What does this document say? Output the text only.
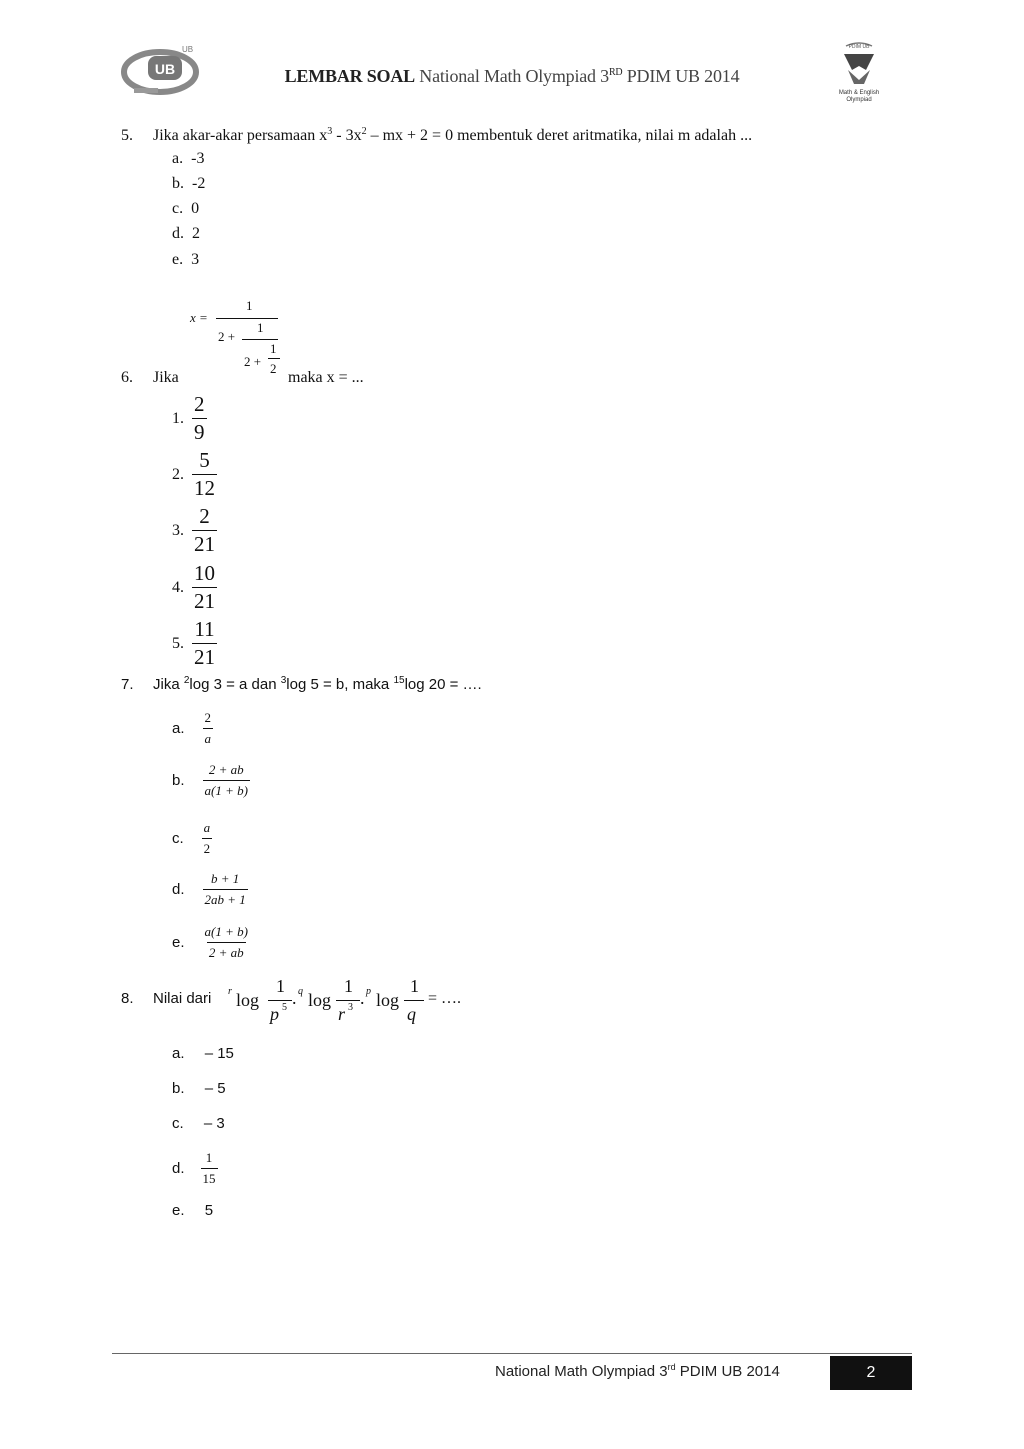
UB
UB
LEMBAR SOAL National Math Olympiad 3RD PDIM UB 2014
PDIM UB
Math & English
Olympiad
5. Jika akar-akar persamaan $x^3 - 3x^2$ – mx + 2 = 0 membentuk deret aritmatika, nilai m adalah ...
a. -3
b. -2
c. 0
d. 2
e. 3
x =
1
2 +
1
2 +
1
2
6. Jika	maka x = ...
1. $\frac{2}{9}$
2. $\frac{5}{12}$
3. $\frac{2}{21}$
4. $\frac{10}{21}$
5. $\frac{11}{21}$
7. Jika $^2$log 3 = a dan $^3$log 5 = b, maka $^{15}$log 20 = ….
a. $\frac{2}{a}$
b. $\frac{2 + ab}{a(1 + b)}$
c. $\frac{a}{2}$
d. $\frac{b + 1}{2ab + 1}$
e. $\frac{a(1 + b)}{2 + ab}$
8. Nilai dari r log
1
p 5 . q log
1
r 3 . p log
1
q
= ….
a. – 15
b. – 5
c. – 3
d. $\frac{1}{15}$
e. 5
National Math Olympiad 3rd PDIM UB 2014	2
